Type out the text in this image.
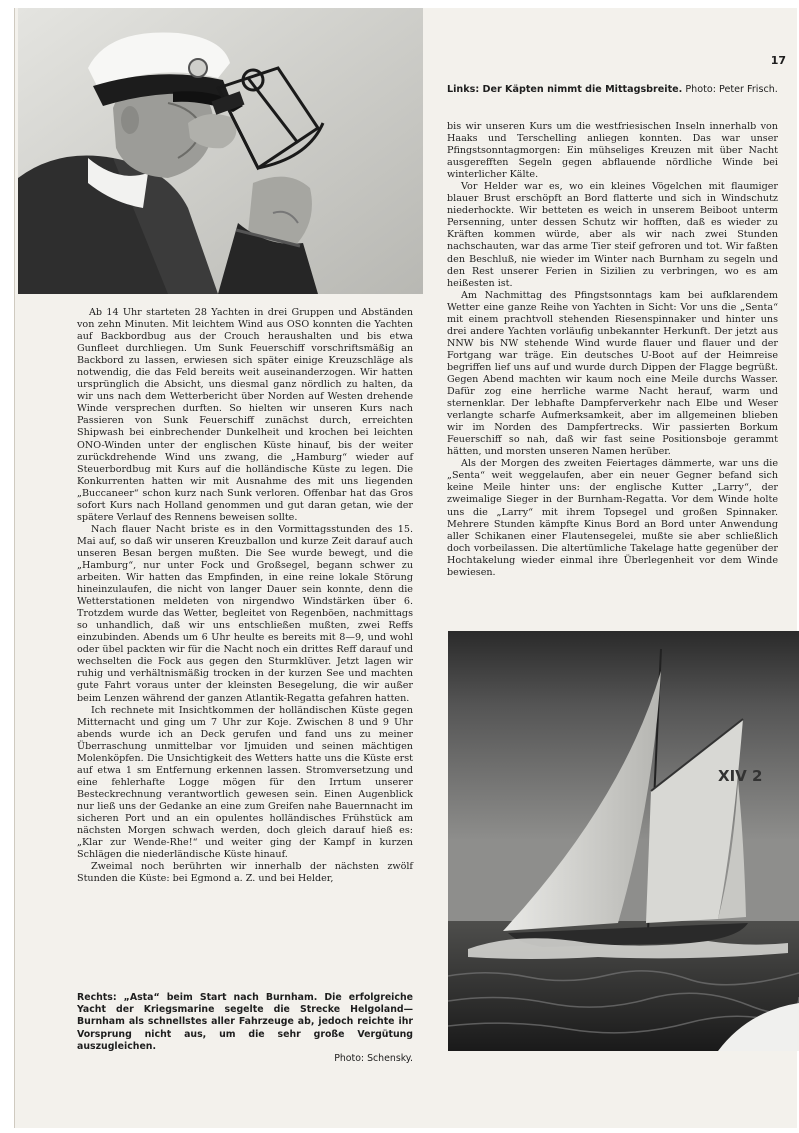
17
Links: Der Käpten nimmt die Mittagsbreite. Photo: Peter Frisch.

Ab 14 Uhr starteten 28 Yachten in drei Gruppen und Abständen von zehn Minuten. Mit leichtem Wind aus OSO konnten die Yachten auf Backbordbug aus der Crouch heraushalten und bis etwa Gunfleet durchliegen. Um Sunk Feuerschiff vorschriftsmäßig an Backbord zu lassen, erwiesen sich später einige Kreuzschläge als notwendig, die das Feld bereits weit auseinanderzogen. Wir hatten ursprünglich die Absicht, uns diesmal ganz nördlich zu halten, da wir uns nach dem Wetterbericht über Norden auf Westen drehende Winde versprechen durften. So hielten wir unseren Kurs nach Passieren von Sunk Feuerschiff zunächst durch, erreichten Shipwash bei einbrechender Dunkelheit und krochen bei leichten ONO-Winden unter der englischen Küste hinauf, bis der weiter zurückdrehende Wind uns zwang, die „Hamburg“ wieder auf Steuerbordbug mit Kurs auf die holländische Küste zu legen. Die Konkurrenten hatten wir mit Ausnahme des mit uns liegenden „Buccaneer“ schon kurz nach Sunk verloren. Offenbar hat das Gros sofort Kurs nach Holland genommen und gut daran getan, wie der spätere Verlauf des Rennens beweisen sollte.

Nach flauer Nacht briste es in den Vormittagsstunden des 15. Mai auf, so daß wir unseren Kreuzballon und kurze Zeit darauf auch unseren Besan bergen mußten. Die See wurde bewegt, und die „Hamburg“, nur unter Fock und Großsegel, begann schwer zu arbeiten. Wir hatten das Empfinden, in eine reine lokale Störung hineinzulaufen, die nicht von langer Dauer sein konnte, denn die Wetterstationen meldeten von nirgendwo Windstärken über 6. Trotzdem wurde das Wetter, begleitet von Regenböen, nachmittags so unhandlich, daß wir uns entschließen mußten, zwei Reffs einzubinden. Abends um 6 Uhr heulte es bereits mit 8—9, und wohl oder übel packten wir für die Nacht noch ein drittes Reff darauf und wechselten die Fock aus gegen den Sturmklüver. Jetzt lagen wir ruhig und verhältnismäßig trocken in der kurzen See und machten gute Fahrt voraus unter der kleinsten Besegelung, die wir außer beim Lenzen während der ganzen Atlantik-Regatta gefahren hatten.

Ich rechnete mit Insichtkommen der holländischen Küste gegen Mitternacht und ging um 7 Uhr zur Koje. Zwischen 8 und 9 Uhr abends wurde ich an Deck gerufen und fand uns zu meiner Überraschung unmittelbar vor Ijmuiden und seinen mächtigen Molenköpfen. Die Unsichtigkeit des Wetters hatte uns die Küste erst auf etwa 1 sm Entfernung erkennen lassen. Stromversetzung und eine fehlerhafte Logge mögen für den Irrtum unserer Besteckrechnung verantwortlich gewesen sein. Einen Augenblick nur ließ uns der Gedanke an eine zum Greifen nahe Bauernnacht im sicheren Port und an ein opulentes holländisches Frühstück am nächsten Morgen schwach werden, doch gleich darauf hieß es: „Klar zur Wende-Rhe!“ und weiter ging der Kampf in kurzen Schlägen die niederländische Küste hinauf.

Zweimal noch berührten wir innerhalb der nächsten zwölf Stunden die Küste: bei Egmond a. Z. und bei Helder,

bis wir unseren Kurs um die westfriesischen Inseln innerhalb von Haaks und Terschelling anliegen konnten. Das war unser Pfingstsonntagmorgen: Ein mühseliges Kreuzen mit über Nacht ausgerefften Segeln gegen abflauende nördliche Winde bei winterlicher Kälte.

Vor Helder war es, wo ein kleines Vögelchen mit flaumiger blauer Brust erschöpft an Bord flatterte und sich in Windschutz niederhockte. Wir betteten es weich in unserem Beiboot unterm Persenning, unter dessen Schutz wir hofften, daß es wieder zu Kräften kommen würde, aber als wir nach zwei Stunden nachschauten, war das arme Tier steif gefroren und tot. Wir faßten den Beschluß, nie wieder im Winter nach Burnham zu segeln und den Rest unserer Ferien in Sizilien zu verbringen, wo es am heißesten ist.

Am Nachmittag des Pfingstsonntags kam bei aufklarendem Wetter eine ganze Reihe von Yachten in Sicht: Vor uns die „Senta“ mit einem prachtvoll stehenden Riesenspinnaker und hinter uns drei andere Yachten vorläufig unbekannter Herkunft. Der jetzt aus NNW bis NW stehende Wind wurde flauer und flauer und der Fortgang war träge. Ein deutsches U-Boot auf der Heimreise begriffen lief uns auf und wurde durch Dippen der Flagge begrüßt. Gegen Abend machten wir kaum noch eine Meile durchs Wasser. Dafür zog eine herrliche warme Nacht herauf, warm und sternenklar. Der lebhafte Dampferverkehr nach Elbe und Weser verlangte scharfe Aufmerksamkeit, aber im allgemeinen blieben wir im Norden des Dampfertrecks. Wir passierten Borkum Feuerschiff so nah, daß wir fast seine Positionsboje gerammt hätten, und morsten unseren Namen herüber.

Als der Morgen des zweiten Feiertages dämmerte, war uns die „Senta“ weit weggelaufen, aber ein neuer Gegner befand sich keine Meile hinter uns: der englische Kutter „Larry“, der zweimalige Sieger in der Burnham-Regatta. Vor dem Winde holte uns die „Larry“ mit ihrem Topsegel und großen Spinnaker. Mehrere Stunden kämpfte Kinus Bord an Bord unter Anwendung aller Schikanen einer Flautensegelei, mußte sie aber schließlich doch vorbeilassen. Die altertümliche Takelage hatte gegenüber der Hochtakelung wieder einmal ihre Überlegenheit vor dem Winde bewiesen.

XIV 2
Rechts: „Asta“ beim Start nach Burnham. Die erfolgreiche Yacht der Kriegsmarine segelte die Strecke Helgoland—Burnham als schnellstes aller Fahrzeuge ab, jedoch reichte ihr Vorsprung nicht aus, um die sehr große Vergütung auszugleichen.
Photo: Schensky.
